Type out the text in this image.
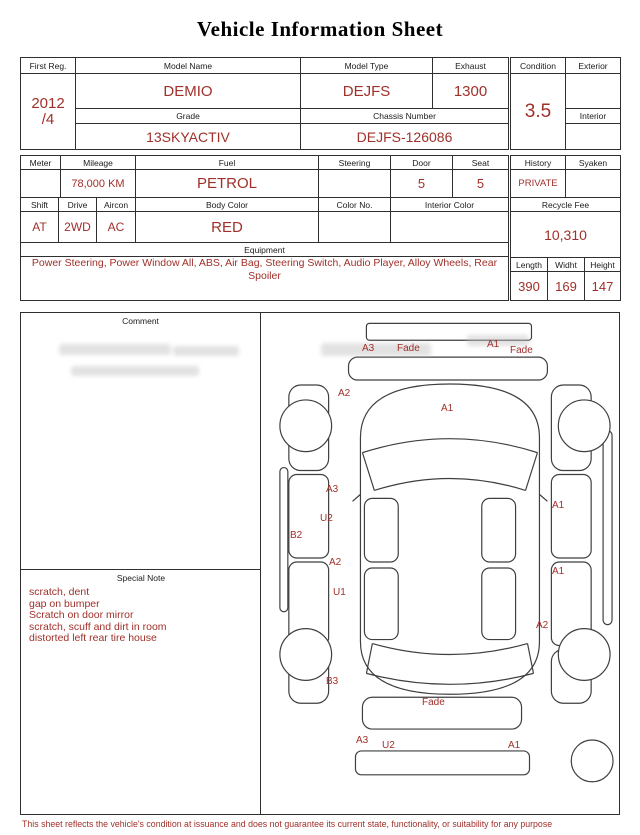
Vehicle Information Sheet
First Reg.	Model Name	Model Type	Exhaust

2012
/4	DEMIO	DEJFS	1300
	Grade	Chassis Number	
	13SKYACTIV	DEJFS-126086	
Condition	Exterior
3.5	
	Interior

Meter	Mileage	Fuel	Steering	Door	Seat
	78,000 KM	PETROL		5	5
Shift	Drive	Aircon	Body Color	Color No.	Interior Color
AT	2WD	AC	RED		
Equipment
Power Steering, Power Window All, ABS, Air Bag, Steering Switch, Audio Player, Alloy Wheels, Rear Spoiler
History	Syaken
PRIVATE	
Recycle Fee
10,310
Length	Widht	Height
390	169	147
Comment
Special Note
scratch, dent
gap on bumper
Scratch on door mirror
scratch, scuff and dirt in room
distorted left rear tire house
A3 Fade	A1
Fade
A2
A1
A3
U2
B2
A1
A2
U1
A1
A2
B3
Fade
A3 U2	A1
This sheet reflects the vehicle's condition at issuance and does not guarantee its current state, functionality, or suitability for any purpose
